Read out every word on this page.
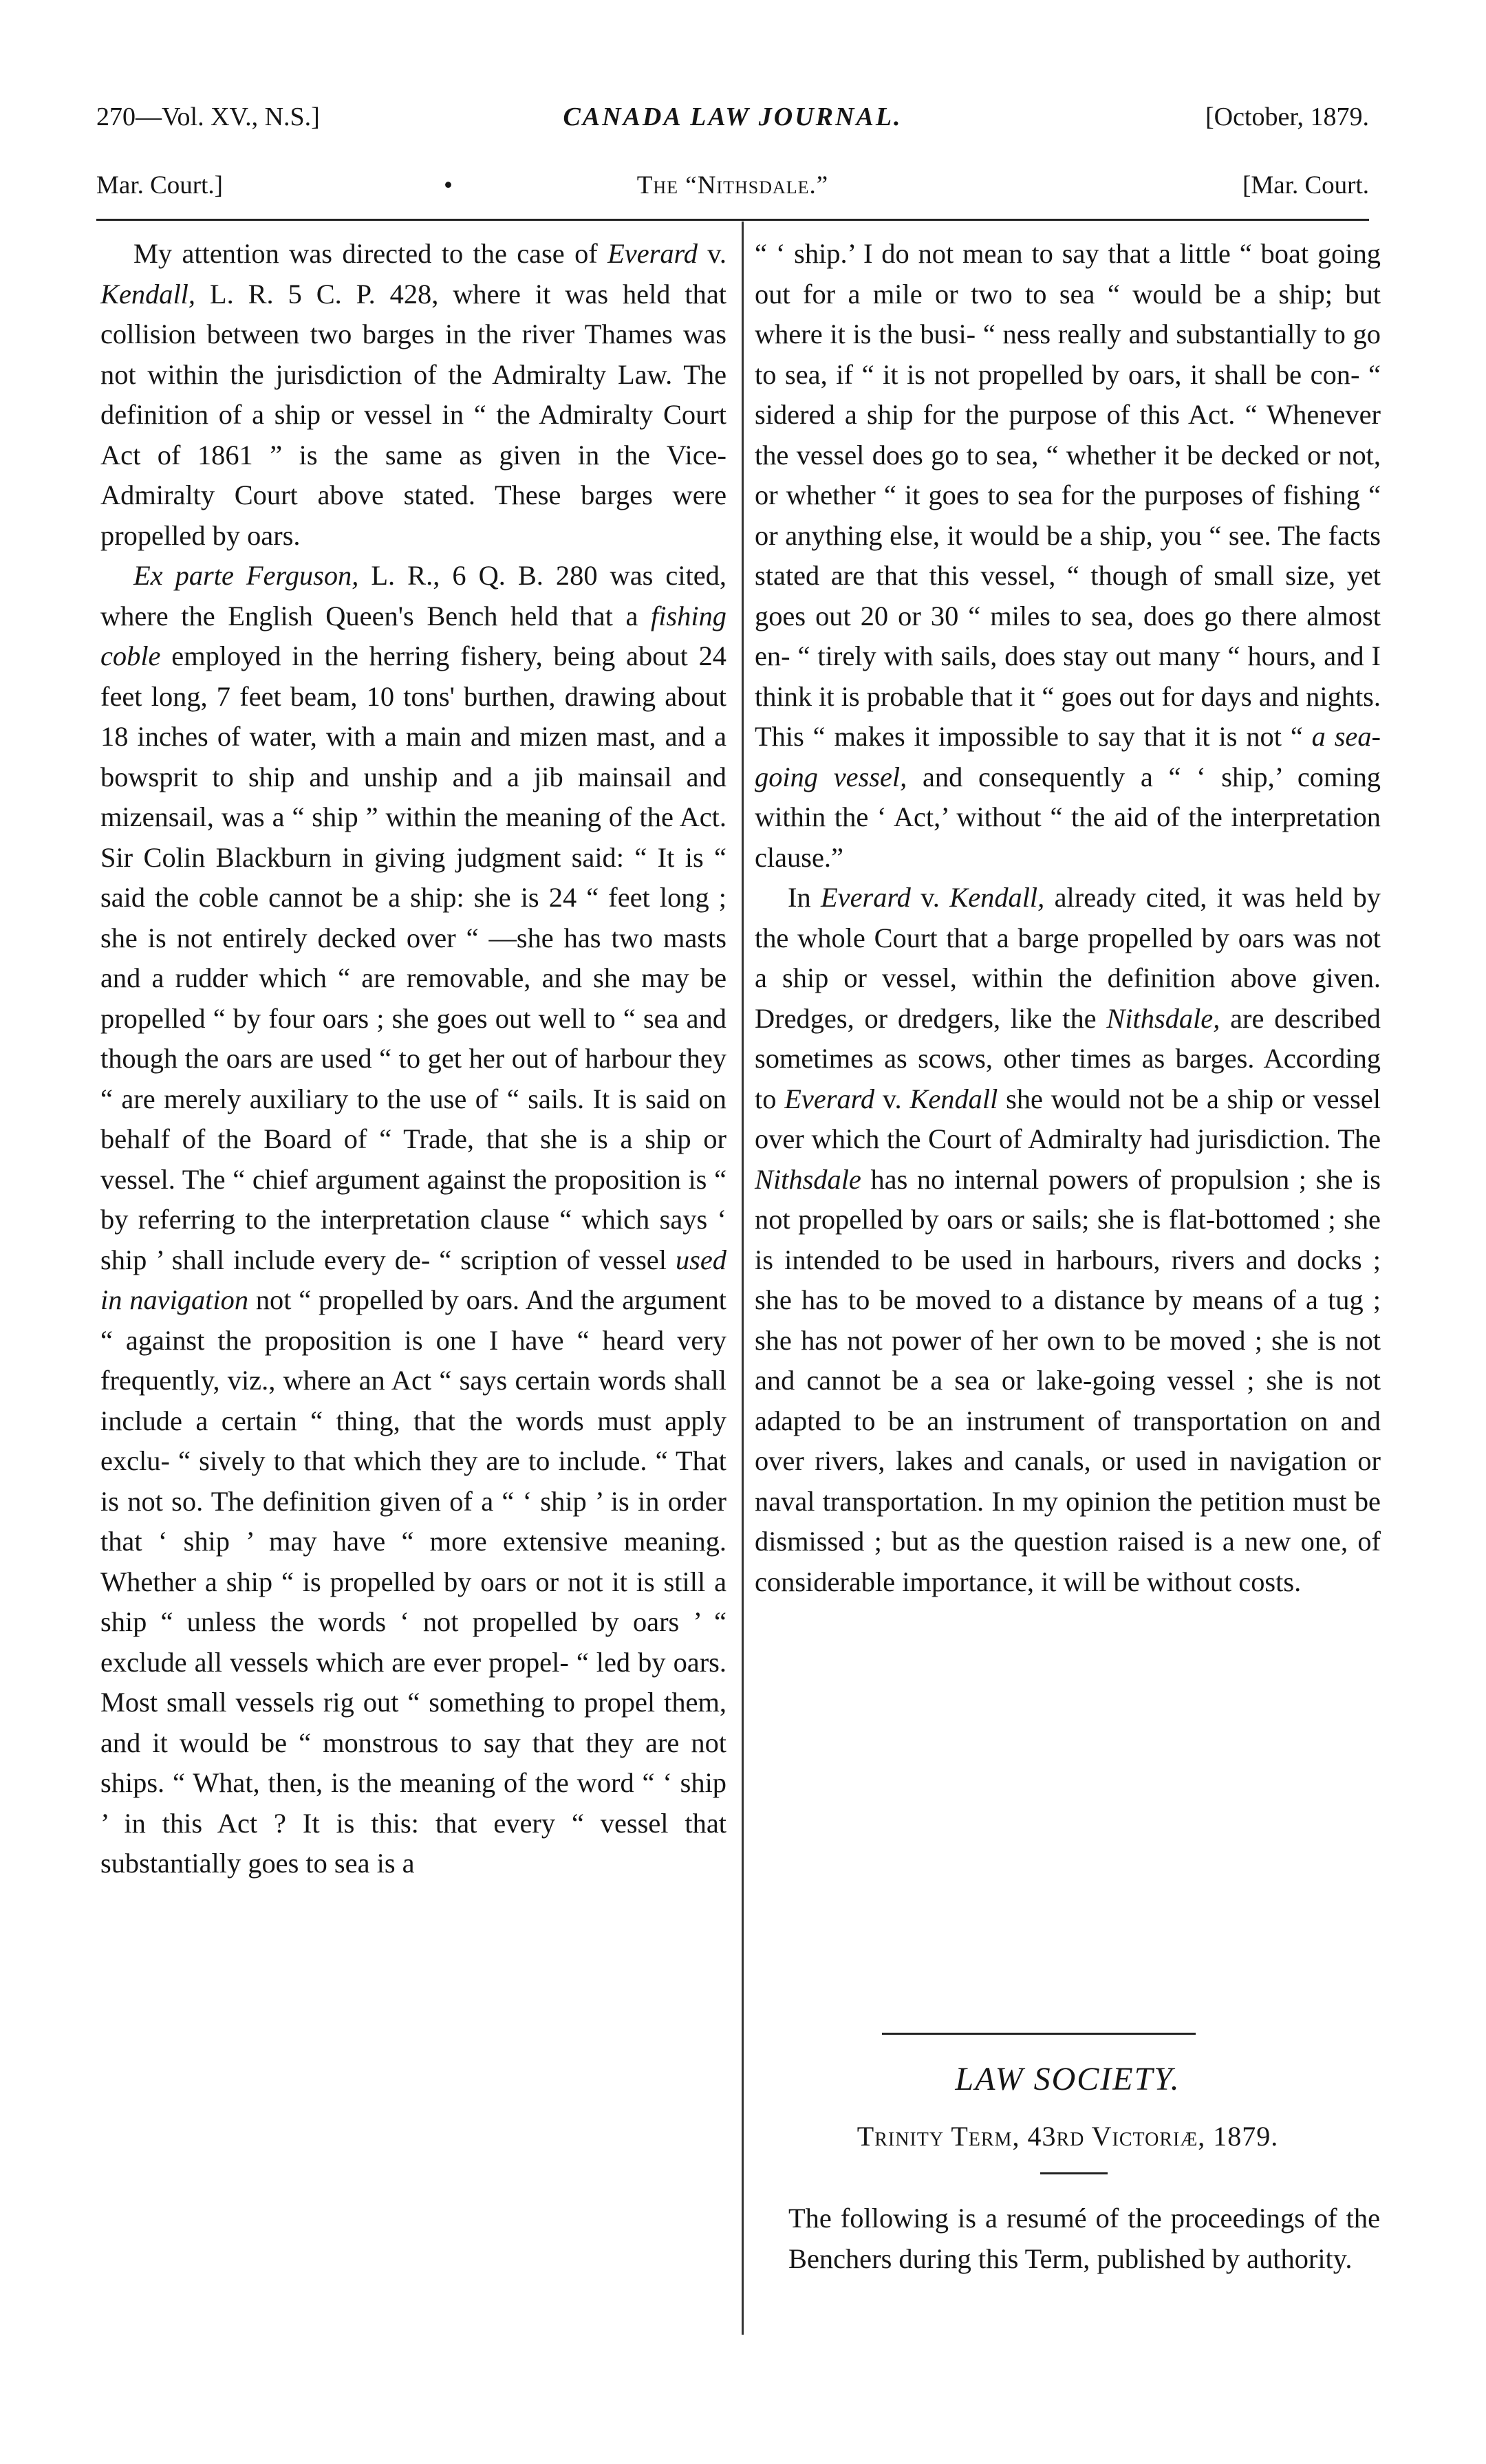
270—Vol. XV., N.S.]	CANADA LAW JOURNAL.	[October, 1879.
Mar. Court.]	•	The “Nithsdale.”	[Mar. Court.

My attention was directed to the case of Everard v. Kendall, L. R. 5 C. P. 428, where it was held that collision between two barges in the river Thames was not within the jurisdiction of the Admiralty Law. The definition of a ship or vessel in “ the Admiralty Court Act of 1861 ” is the same as given in the Vice-Admiralty Court above stated. These barges were propelled by oars.

Ex parte Ferguson, L. R., 6 Q. B. 280 was cited, where the English Queen's Bench held that a fishing coble employed in the herring fishery, being about 24 feet long, 7 feet beam, 10 tons' burthen, drawing about 18 inches of water, with a main and mizen mast, and a bowsprit to ship and unship and a jib mainsail and mizensail, was a “ ship ” within the meaning of the Act. Sir Colin Blackburn in giving judgment said: “ It is “ said the coble cannot be a ship: she is 24 “ feet long ; she is not entirely decked over “ —she has two masts and a rudder which “ are removable, and she may be propelled “ by four oars ; she goes out well to “ sea and though the oars are used “ to get her out of harbour they “ are merely auxiliary to the use of “ sails. It is said on behalf of the Board of “ Trade, that she is a ship or vessel. The “ chief argument against the proposition is “ by referring to the interpretation clause “ which says ‘ ship ’ shall include every de- “ scription of vessel used in navigation not “ propelled by oars. And the argument “ against the proposition is one I have “ heard very frequently, viz., where an Act “ says certain words shall include a certain “ thing, that the words must apply exclu- “ sively to that which they are to include. “ That is not so. The definition given of a “ ‘ ship ’ is in order that ‘ ship ’ may have “ more extensive meaning. Whether a ship “ is propelled by oars or not it is still a ship “ unless the words ‘ not propelled by oars ’ “ exclude all vessels which are ever propel- “ led by oars. Most small vessels rig out “ something to propel them, and it would be “ monstrous to say that they are not ships. “ What, then, is the meaning of the word “ ‘ ship ’ in this Act ? It is this: that every “ vessel that substantially goes to sea is a

“ ‘ ship.’ I do not mean to say that a little “ boat going out for a mile or two to sea “ would be a ship; but where it is the busi- “ ness really and substantially to go to sea, if “ it is not propelled by oars, it shall be con- “ sidered a ship for the purpose of this Act. “ Whenever the vessel does go to sea, “ whether it be decked or not, or whether “ it goes to sea for the purposes of fishing “ or anything else, it would be a ship, you “ see. The facts stated are that this vessel, “ though of small size, yet goes out 20 or 30 “ miles to sea, does go there almost en- “ tirely with sails, does stay out many “ hours, and I think it is probable that it “ goes out for days and nights. This “ makes it impossible to say that it is not “ a sea-going vessel, and consequently a “ ‘ ship,’ coming within the ‘ Act,’ without “ the aid of the interpretation clause.”

In Everard v. Kendall, already cited, it was held by the whole Court that a barge propelled by oars was not a ship or vessel, within the definition above given. Dredges, or dredgers, like the Nithsdale, are described sometimes as scows, other times as barges. According to Everard v. Kendall she would not be a ship or vessel over which the Court of Admiralty had jurisdiction. The Nithsdale has no internal powers of propulsion ; she is not propelled by oars or sails; she is flat-bottomed ; she is intended to be used in harbours, rivers and docks ; she has to be moved to a distance by means of a tug ; she has not power of her own to be moved ; she is not and cannot be a sea or lake-going vessel ; she is not adapted to be an instrument of transportation on and over rivers, lakes and canals, or used in navigation or naval transportation. In my opinion the petition must be dismissed ; but as the question raised is a new one, of considerable importance, it will be without costs.

LAW SOCIETY.
Trinity Term, 43rd Victoriæ, 1879.

The following is a resumé of the proceedings of the Benchers during this Term, published by authority.
